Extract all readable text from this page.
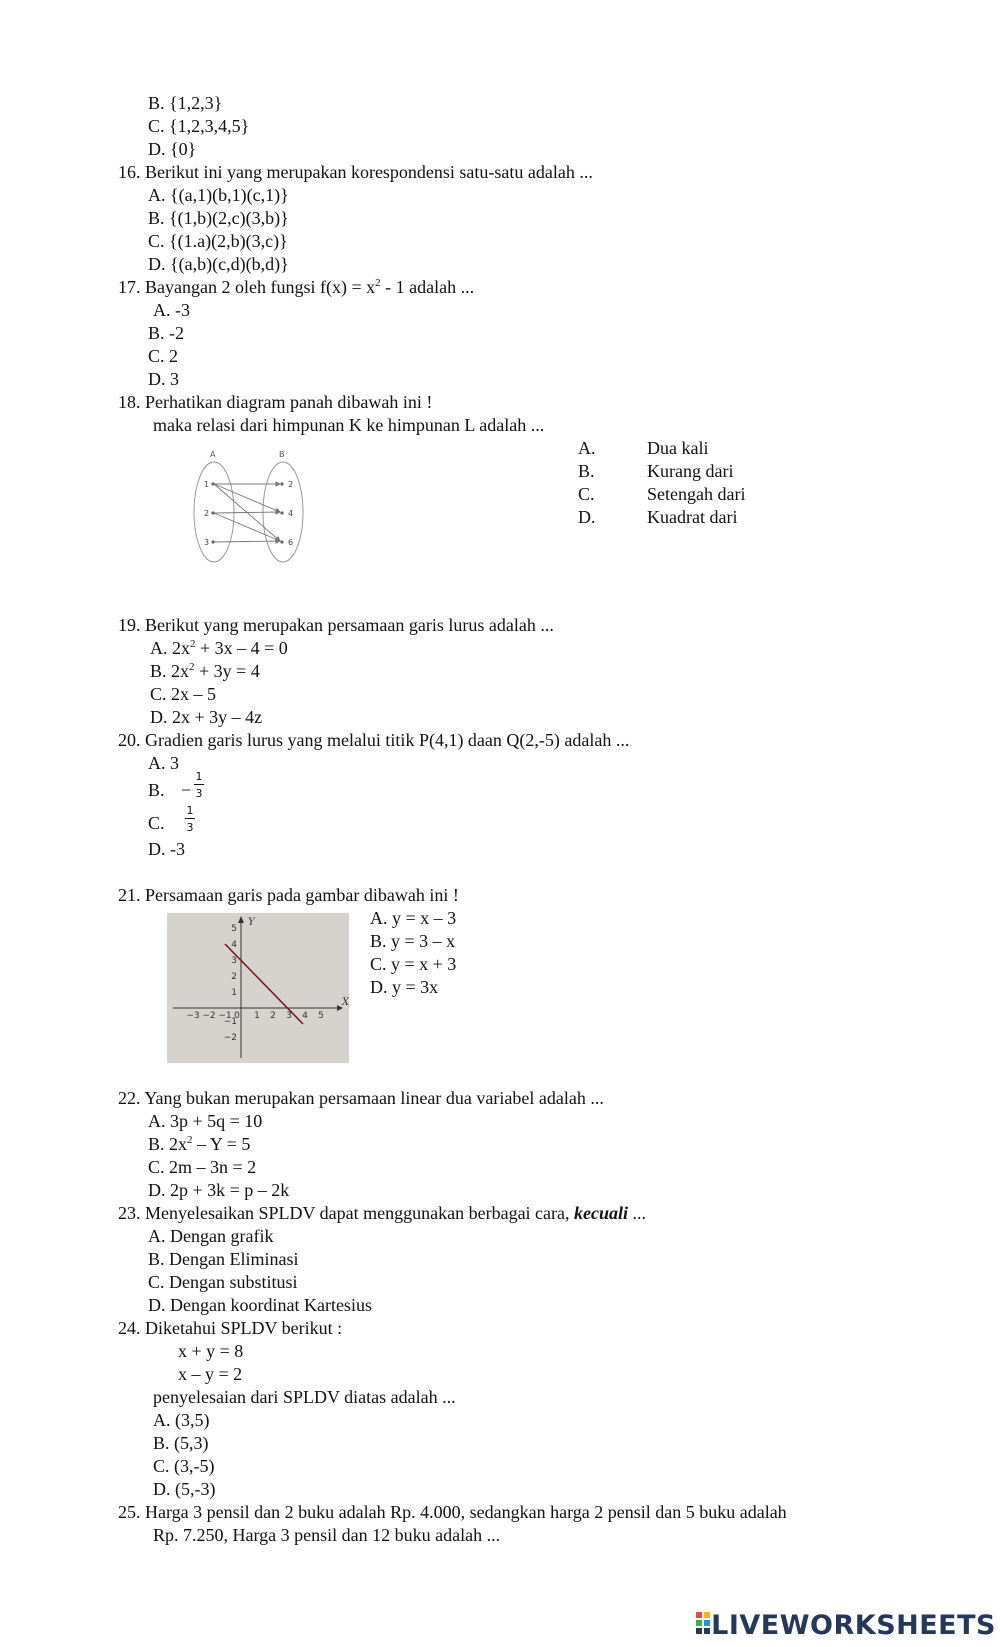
B. {1,2,3}
C. {1,2,3,4,5}
D. {0}
16. Berikut ini yang merupakan korespondensi satu-satu adalah ...
A. {(a,1)(b,1)(c,1)}
B. {(1,b)(2,c)(3,b)}
C. {(1.a)(2,b)(3,c)}
D. {(a,b)(c,d)(b,d)}
17. Bayangan 2 oleh fungsi $f(x) = x^2 - 1$ adalah ...
A. -3
B. -2
C. 2
D. 3
18. Perhatikan diagram panah dibawah ini !
maka relasi dari himpunan K ke himpunan L adalah ...
A.	Dua kali
B.	Kurang dari
C.	Setengah dari
D.	Kuadrat dari
A	B
1
2
3
2
4
6
19. Berikut yang merupakan persamaan garis lurus adalah ...
A. $2x^2 + 3x - 4 = 0$
B. $2x^2 + 3y = 4$
C. 2x – 5
D. 2x + 3y – 4z
20. Gradien garis lurus yang melalui titik P(4,1) daan Q(2,-5) adalah ...
A. 3
B. −
1
3
C.
1
3
D. -3
21. Persamaan garis pada gambar dibawah ini !
A. y = x – 3
B. y = 3 – x
C. y = x + 3
D. y = 3x
X
Y
−3 −2 −1 0 1 2 3 4 5
5
4
3
2
1
−1
−2
22. Yang bukan merupakan persamaan linear dua variabel adalah ...
A. 3p + 5q = 10
B. $2x^2 - Y = 5$
C. 2m – 3n = 2
D. 2p + 3k = p – 2k
23. Menyelesaikan SPLDV dapat menggunakan berbagai cara, kecuali ...
A. Dengan grafik
B. Dengan Eliminasi
C. Dengan substitusi
D. Dengan koordinat Kartesius
24. Diketahui SPLDV berikut :
x + y = 8
x – y = 2
penyelesaian dari SPLDV diatas adalah ...
A. (3,5)
B. (5,3)
C. (3,-5)
D. (5,-3)
25. Harga 3 pensil dan 2 buku adalah Rp. 4.000, sedangkan harga 2 pensil dan 5 buku adalah
Rp. 7.250, Harga 3 pensil dan 12 buku adalah ...
LIVEWORKSHEETS
